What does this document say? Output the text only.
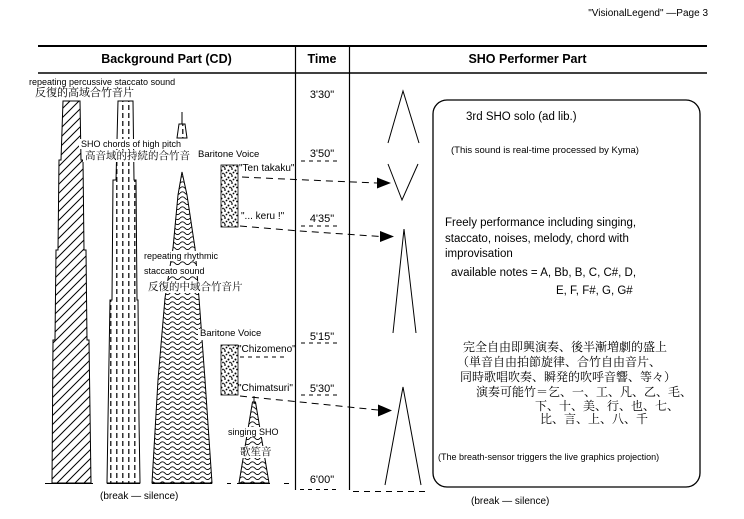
"VisionalLegend" —Page 3
Background Part (CD)	Time	SHO Performer Part
repeating percussive staccato sound
反復的高域合竹音片
SHO chords of high pitch
高音域的持続的合竹音 Baritone Voice
"Ten takaku"
"... keru !"
repeating rhythmic
staccato sound
反復的中域合竹音片
Baritone Voice
"Chizomeno"
"Chimatsuri"
singing SHO
歌笙音
(break — silence)
3'30"
3'50"
4'35"
5'15"
5'30"
6'00"
3rd SHO solo (ad lib.)
(This sound is real-time processed by Kyma)
Freely performance including singing,
staccato, noises, melody, chord with
improvisation
available notes = A, Bb, B, C, C#, D,
E, F, F#, G, G#
完全自由即興演奏、後半漸増劇的盛上
（単音自由拍節旋律、合竹自由音片、
同時歌唱吹奏、瞬発的吹呼音響、等々）
演奏可能竹＝乞、一、工、凡、乙、毛、
下、十、美、行、也、七、
比、言、上、八、千
(The breath-sensor triggers the live graphics projection)
(break — silence)
